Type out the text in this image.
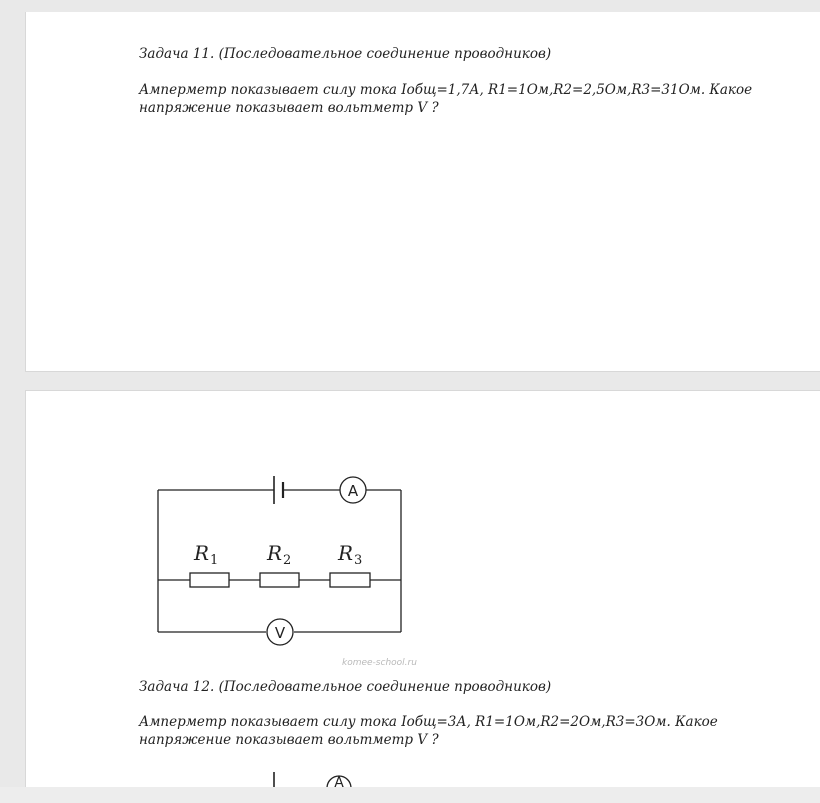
Задача 11. (Последовательное соединение проводников)
Амперметр показывает силу тока Iобщ=1,7А, R1=1Ом,R2=2,5Ом,R3=31Ом. Какое
напряжение показывает вольтметр V ?
A
V
R 1 R 2 R 3
komeе-school.ru
Задача 12. (Последовательное соединение проводников)
Амперметр показывает силу тока Iобщ=3А, R1=1Ом,R2=2Ом,R3=3Ом. Какое
напряжение показывает вольтметр V ?
A
